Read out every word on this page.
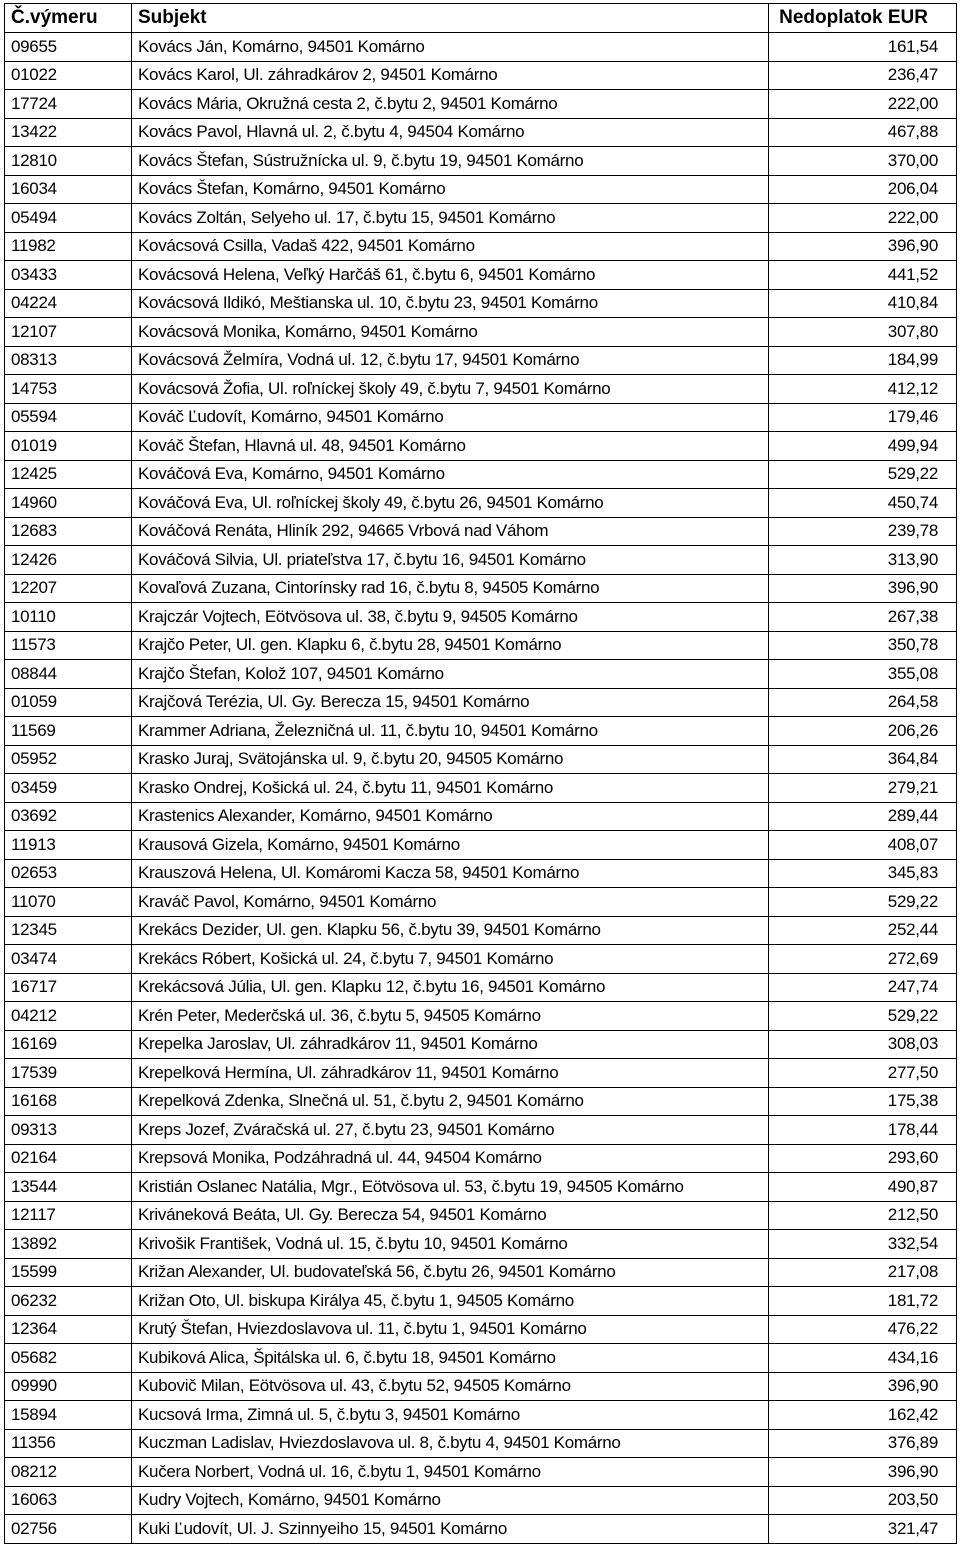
Č.výmeru	Subjekt	Nedoplatok EUR
09655	Kovács Ján, Komárno, 94501 Komárno	161,54
01022	Kovács Karol, Ul. záhradkárov 2, 94501 Komárno	236,47
17724	Kovács Mária, Okružná cesta 2, č.bytu 2, 94501 Komárno	222,00
13422	Kovács Pavol, Hlavná ul. 2, č.bytu 4, 94504 Komárno	467,88
12810	Kovács Štefan, Sústružnícka ul. 9, č.bytu 19, 94501 Komárno	370,00
16034	Kovács Štefan, Komárno, 94501 Komárno	206,04
05494	Kovács Zoltán, Selyeho ul. 17, č.bytu 15, 94501 Komárno	222,00
11982	Kovácsová Csilla, Vadaš 422, 94501 Komárno	396,90
03433	Kovácsová Helena, Veľký Harčáš 61, č.bytu 6, 94501 Komárno	441,52
04224	Kovácsová Ildikó, Meštianska ul. 10, č.bytu 23, 94501 Komárno	410,84
12107	Kovácsová Monika, Komárno, 94501 Komárno	307,80
08313	Kovácsová Želmíra, Vodná ul. 12, č.bytu 17, 94501 Komárno	184,99
14753	Kovácsová Žofia, Ul. roľníckej školy 49, č.bytu 7, 94501 Komárno	412,12
05594	Kováč Ľudovít, Komárno, 94501 Komárno	179,46
01019	Kováč Štefan, Hlavná ul. 48, 94501 Komárno	499,94
12425	Kováčová Eva, Komárno, 94501 Komárno	529,22
14960	Kováčová Eva, Ul. roľníckej školy 49, č.bytu 26, 94501 Komárno	450,74
12683	Kováčová Renáta, Hliník 292, 94665 Vrbová nad Váhom	239,78
12426	Kováčová Silvia, Ul. priateľstva 17, č.bytu 16, 94501 Komárno	313,90
12207	Kovaľová Zuzana, Cintorínsky rad 16, č.bytu 8, 94505 Komárno	396,90
10110	Krajczár Vojtech, Eötvösova ul. 38, č.bytu 9, 94505 Komárno	267,38
11573	Krajčo Peter, Ul. gen. Klapku 6, č.bytu 28, 94501 Komárno	350,78
08844	Krajčo Štefan, Kolož 107, 94501 Komárno	355,08
01059	Krajčová Terézia, Ul. Gy. Berecza 15, 94501 Komárno	264,58
11569	Krammer Adriana, Železničná ul. 11, č.bytu 10, 94501 Komárno	206,26
05952	Krasko Juraj, Svätojánska ul. 9, č.bytu 20, 94505 Komárno	364,84
03459	Krasko Ondrej, Košická ul. 24, č.bytu 11, 94501 Komárno	279,21
03692	Krastenics Alexander, Komárno, 94501 Komárno	289,44
11913	Krausová Gizela, Komárno, 94501 Komárno	408,07
02653	Krauszová Helena, Ul. Komáromi Kacza 58, 94501 Komárno	345,83
11070	Kraváč Pavol, Komárno, 94501 Komárno	529,22
12345	Krekács Dezider, Ul. gen. Klapku 56, č.bytu 39, 94501 Komárno	252,44
03474	Krekács Róbert, Košická ul. 24, č.bytu 7, 94501 Komárno	272,69
16717	Krekácsová Júlia, Ul. gen. Klapku 12, č.bytu 16, 94501 Komárno	247,74
04212	Krén Peter, Mederčská ul. 36, č.bytu 5, 94505 Komárno	529,22
16169	Krepelka Jaroslav, Ul. záhradkárov 11, 94501 Komárno	308,03
17539	Krepelková Hermína, Ul. záhradkárov 11, 94501 Komárno	277,50
16168	Krepelková Zdenka, Slnečná ul. 51, č.bytu 2, 94501 Komárno	175,38
09313	Kreps Jozef, Zváračská ul. 27, č.bytu 23, 94501 Komárno	178,44
02164	Krepsová Monika, Podzáhradná ul. 44, 94504 Komárno	293,60
13544	Kristián Oslanec Natália, Mgr., Eötvösova ul. 53, č.bytu 19, 94505 Komárno	490,87
12117	Kriváneková Beáta, Ul. Gy. Berecza 54, 94501 Komárno	212,50
13892	Krivošik František, Vodná ul. 15, č.bytu 10, 94501 Komárno	332,54
15599	Križan Alexander, Ul. budovateľská 56, č.bytu 26, 94501 Komárno	217,08
06232	Križan Oto, Ul. biskupa Királya 45, č.bytu 1, 94505 Komárno	181,72
12364	Krutý Štefan, Hviezdoslavova ul. 11, č.bytu 1, 94501 Komárno	476,22
05682	Kubiková Alica, Špitálska ul. 6, č.bytu 18, 94501 Komárno	434,16
09990	Kubovič Milan, Eötvösova ul. 43, č.bytu 52, 94505 Komárno	396,90
15894	Kucsová Irma, Zimná ul. 5, č.bytu 3, 94501 Komárno	162,42
11356	Kuczman Ladislav, Hviezdoslavova ul. 8, č.bytu 4, 94501 Komárno	376,89
08212	Kučera Norbert, Vodná ul. 16, č.bytu 1, 94501 Komárno	396,90
16063	Kudry Vojtech, Komárno, 94501 Komárno	203,50
02756	Kuki Ľudovít, Ul. J. Szinnyeiho 15, 94501 Komárno	321,47
